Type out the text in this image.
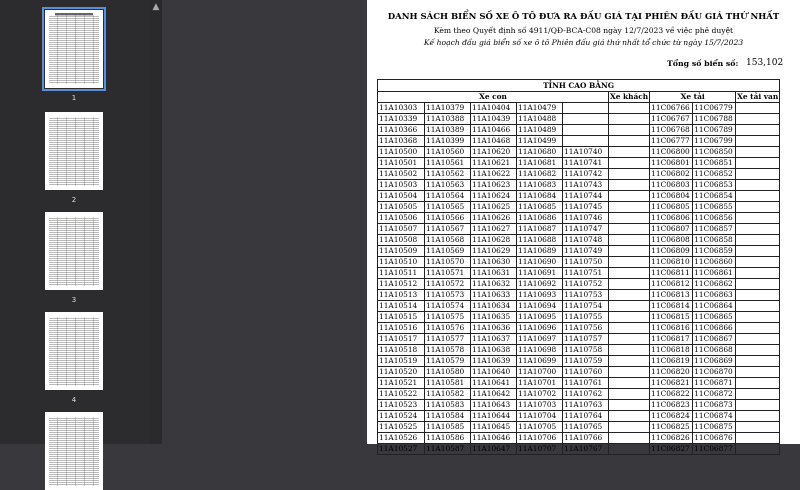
1
2
3
4
▲
DANH SÁCH BIỂN SỐ XE Ô TÔ ĐƯA RA ĐẤU GIÁ TẠI PHIÊN ĐẤU GIÁ THỨ NHẤT
Kèm theo Quyết định số 4911/QĐ-BCA-C08 ngày 12/7/2023 về việc phê duyệt
Kế hoạch đấu giá biển số xe ô tô Phiên đấu giá thứ nhất tổ chức từ ngày 15/7/2023
Tổng số biển số: 153,102
TỈNH CAO BẰNG								
Xe con					Xe khách	Xe tải		Xe tải van
11A10303	11A10379	11A10404	11A10479			11C06766	11C06779	
11A10339	11A10388	11A10439	11A10488			11C06767	11C06788	
11A10366	11A10389	11A10466	11A10489			11C06768	11C06789	
11A10368	11A10399	11A10468	11A10499			11C06777	11C06799	
11A10500	11A10560	11A10620	11A10680	11A10740		11C06800	11C06850	
11A10501	11A10561	11A10621	11A10681	11A10741		11C06801	11C06851	
11A10502	11A10562	11A10622	11A10682	11A10742		11C06802	11C06852	
11A10503	11A10563	11A10623	11A10683	11A10743		11C06803	11C06853	
11A10504	11A10564	11A10624	11A10684	11A10744		11C06804	11C06854	
11A10505	11A10565	11A10625	11A10685	11A10745		11C06805	11C06855	
11A10506	11A10566	11A10626	11A10686	11A10746		11C06806	11C06856	
11A10507	11A10567	11A10627	11A10687	11A10747		11C06807	11C06857	
11A10508	11A10568	11A10628	11A10688	11A10748		11C06808	11C06858	
11A10509	11A10569	11A10629	11A10689	11A10749		11C06809	11C06859	
11A10510	11A10570	11A10630	11A10690	11A10750		11C06810	11C06860	
11A10511	11A10571	11A10631	11A10691	11A10751		11C06811	11C06861	
11A10512	11A10572	11A10632	11A10692	11A10752		11C06812	11C06862	
11A10513	11A10573	11A10633	11A10693	11A10753		11C06813	11C06863	
11A10514	11A10574	11A10634	11A10694	11A10754		11C06814	11C06864	
11A10515	11A10575	11A10635	11A10695	11A10755		11C06815	11C06865	
11A10516	11A10576	11A10636	11A10696	11A10756		11C06816	11C06866	
11A10517	11A10577	11A10637	11A10697	11A10757		11C06817	11C06867	
11A10518	11A10578	11A10638	11A10698	11A10758		11C06818	11C06868	
11A10519	11A10579	11A10639	11A10699	11A10759		11C06819	11C06869	
11A10520	11A10580	11A10640	11A10700	11A10760		11C06820	11C06870	
11A10521	11A10581	11A10641	11A10701	11A10761		11C06821	11C06871	
11A10522	11A10582	11A10642	11A10702	11A10762		11C06822	11C06872	
11A10523	11A10583	11A10643	11A10703	11A10763		11C06823	11C06873	
11A10524	11A10584	11A10644	11A10704	11A10764		11C06824	11C06874	
11A10525	11A10585	11A10645	11A10705	11A10765		11C06825	11C06875	
11A10526	11A10586	11A10646	11A10706	11A10766		11C06826	11C06876	
11A10527	11A10587	11A10647	11A10707	11A10767		11C06827	11C06877	
